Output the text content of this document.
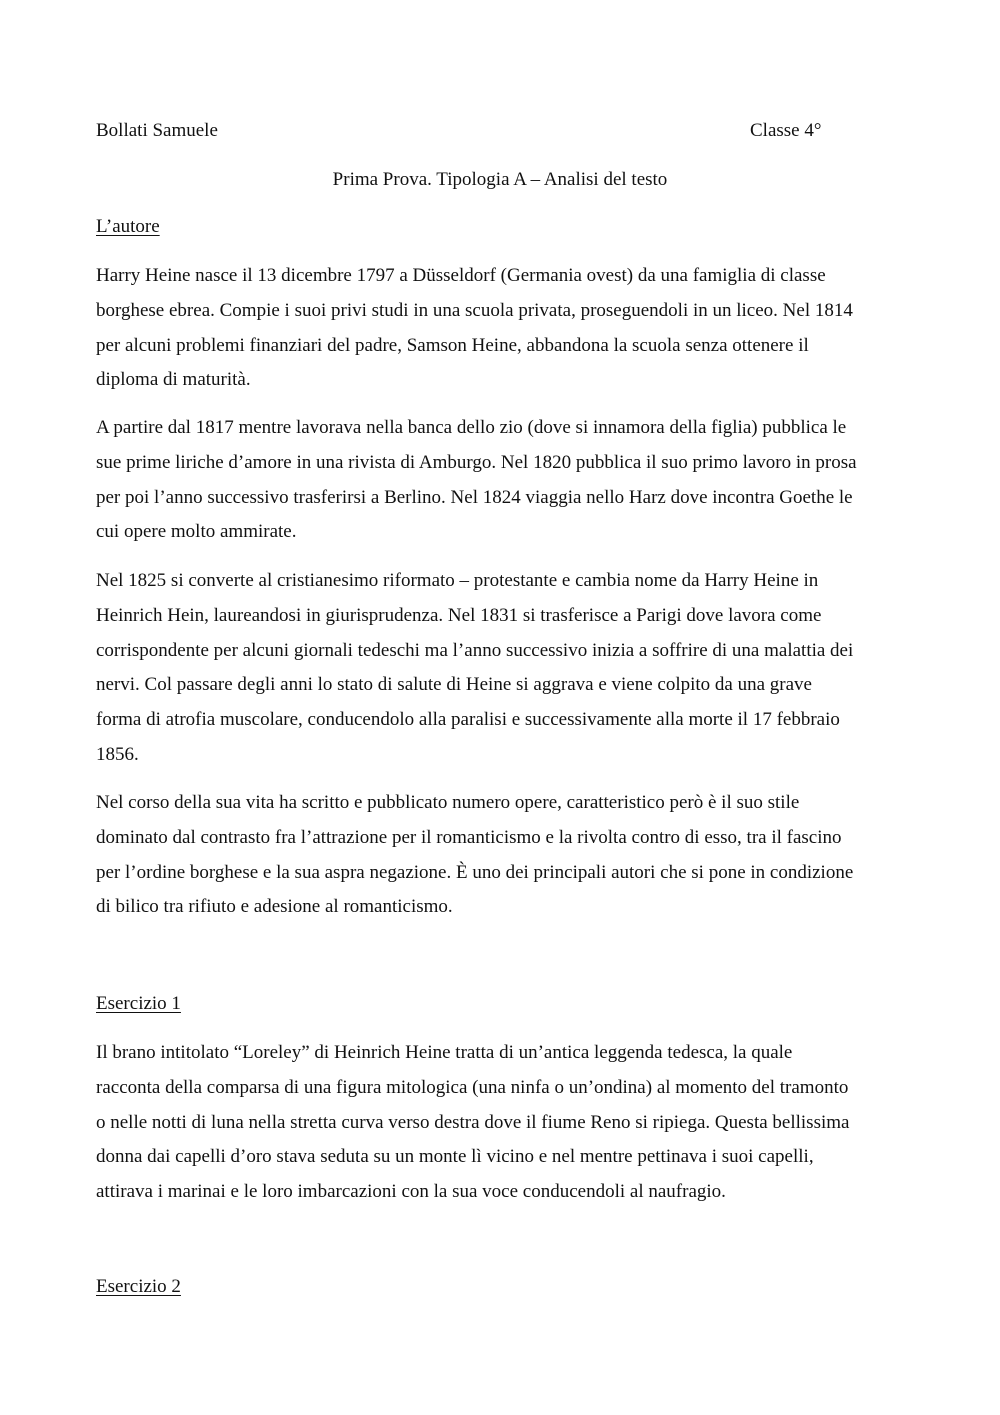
Bollati Samuele	Classe 4°

Prima Prova. Tipologia A – Analisi del testo

L’autore

Harry Heine nasce il 13 dicembre 1797 a Düsseldorf (Germania ovest) da una famiglia di classe
borghese ebrea. Compie i suoi privi studi in una scuola privata, proseguendoli in un liceo. Nel 1814
per alcuni problemi finanziari del padre, Samson Heine, abbandona la scuola senza ottenere il
diploma di maturità.

A partire dal 1817 mentre lavorava nella banca dello zio (dove si innamora della figlia) pubblica le
sue prime liriche d’amore in una rivista di Amburgo. Nel 1820 pubblica il suo primo lavoro in prosa
per poi l’anno successivo trasferirsi a Berlino. Nel 1824 viaggia nello Harz dove incontra Goethe le
cui opere molto ammirate.

Nel 1825 si converte al cristianesimo riformato – protestante e cambia nome da Harry Heine in
Heinrich Hein, laureandosi in giurisprudenza. Nel 1831 si trasferisce a Parigi dove lavora come
corrispondente per alcuni giornali tedeschi ma l’anno successivo inizia a soffrire di una malattia dei
nervi. Col passare degli anni lo stato di salute di Heine si aggrava e viene colpito da una grave
forma di atrofia muscolare, conducendolo alla paralisi e successivamente alla morte il 17 febbraio
1856.

Nel corso della sua vita ha scritto e pubblicato numero opere, caratteristico però è il suo stile
dominato dal contrasto fra l’attrazione per il romanticismo e la rivolta contro di esso, tra il fascino
per l’ordine borghese e la sua aspra negazione. È uno dei principali autori che si pone in condizione
di bilico tra rifiuto e adesione al romanticismo.

Esercizio 1

Il brano intitolato “Loreley” di Heinrich Heine tratta di un’antica leggenda tedesca, la quale
racconta della comparsa di una figura mitologica (una ninfa o un’ondina) al momento del tramonto
o nelle notti di luna nella stretta curva verso destra dove il fiume Reno si ripiega. Questa bellissima
donna dai capelli d’oro stava seduta su un monte lì vicino e nel mentre pettinava i suoi capelli,
attirava i marinai e le loro imbarcazioni con la sua voce conducendoli al naufragio.

Esercizio 2
